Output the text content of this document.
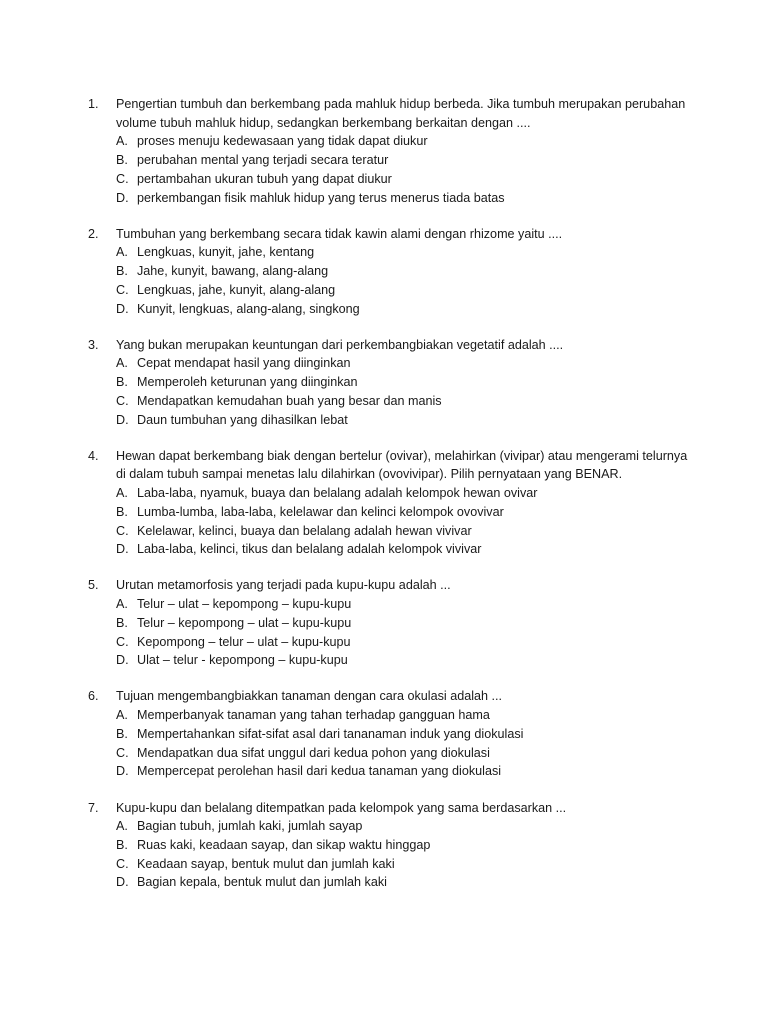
1. Pengertian tumbuh dan berkembang pada mahluk hidup berbeda. Jika tumbuh merupakan perubahan volume tubuh mahluk hidup, sedangkan berkembang berkaitan dengan ....
A. proses menuju kedewasaan yang tidak dapat diukur
B. perubahan mental yang terjadi secara teratur
C. pertambahan ukuran tubuh yang dapat diukur
D. perkembangan fisik mahluk hidup yang terus menerus tiada batas
2. Tumbuhan yang berkembang secara tidak kawin alami dengan rhizome yaitu ....
A. Lengkuas, kunyit, jahe, kentang
B. Jahe, kunyit, bawang, alang-alang
C. Lengkuas, jahe, kunyit, alang-alang
D. Kunyit, lengkuas, alang-alang, singkong
3. Yang bukan merupakan keuntungan dari perkembangbiakan vegetatif adalah ....
A. Cepat mendapat hasil yang diinginkan
B. Memperoleh keturunan yang diinginkan
C. Mendapatkan kemudahan buah yang besar dan manis
D. Daun tumbuhan yang dihasilkan lebat
4. Hewan dapat berkembang biak dengan bertelur (ovivar), melahirkan (vivipar) atau mengerami telurnya di dalam tubuh sampai menetas lalu dilahirkan (ovovivipar). Pilih pernyataan yang BENAR.
A. Laba-laba, nyamuk, buaya dan belalang adalah kelompok hewan ovivar
B. Lumba-lumba, laba-laba, kelelawar dan kelinci kelompok ovovivar
C. Kelelawar, kelinci, buaya dan belalang adalah hewan vivivar
D. Laba-laba, kelinci, tikus dan belalang adalah kelompok vivivar
5. Urutan metamorfosis yang terjadi pada kupu-kupu adalah ...
A. Telur – ulat – kepompong – kupu-kupu
B. Telur – kepompong – ulat – kupu-kupu
C. Kepompong – telur – ulat – kupu-kupu
D. Ulat – telur - kepompong – kupu-kupu
6. Tujuan mengembangbiakkan tanaman dengan cara okulasi adalah ...
A. Memperbanyak tanaman yang tahan terhadap gangguan hama
B. Mempertahankan sifat-sifat asal dari tananaman induk yang diokulasi
C. Mendapatkan dua sifat unggul dari kedua pohon yang diokulasi
D. Mempercepat perolehan hasil dari kedua tanaman yang diokulasi
7. Kupu-kupu dan belalang ditempatkan pada kelompok yang sama berdasarkan ...
A. Bagian tubuh, jumlah kaki, jumlah sayap
B. Ruas kaki, keadaan sayap, dan sikap waktu hinggap
C. Keadaan sayap, bentuk mulut dan jumlah kaki
D. Bagian kepala, bentuk mulut dan jumlah kaki
